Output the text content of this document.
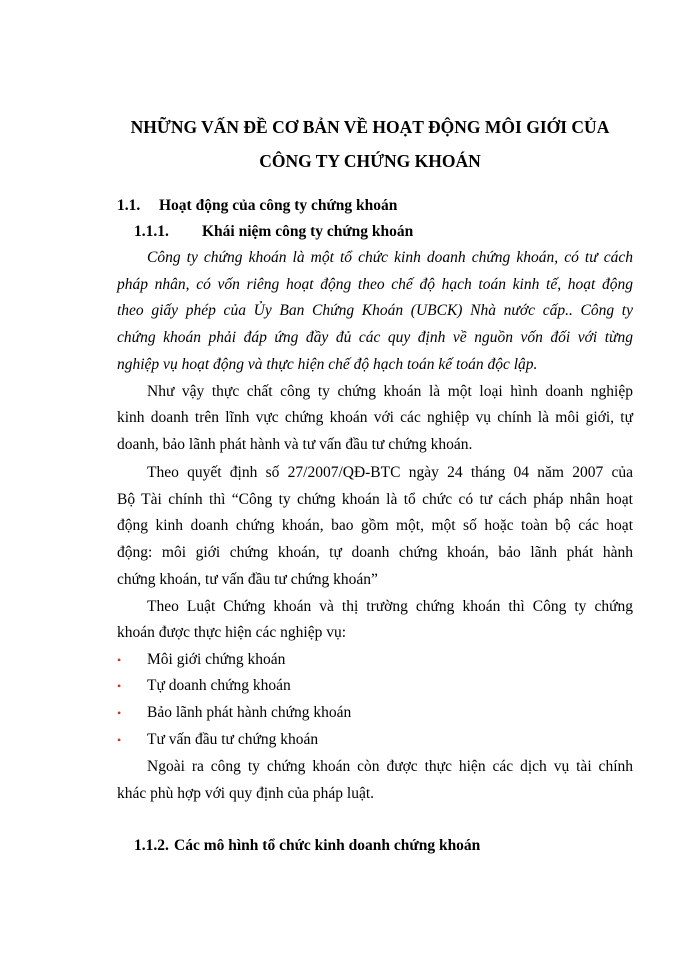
NHỮNG VẤN ĐỀ CƠ BẢN VỀ HOẠT ĐỘNG MÔI GIỚI CỦA
CÔNG TY CHỨNG KHOÁN
1.1. Hoạt động của công ty chứng khoán
1.1.1. Khái niệm công ty chứng khoán

Công ty chứng khoán là một tổ chức kinh doanh chứng khoán, có tư cách

pháp nhân, có vốn riêng hoạt động theo chế độ hạch toán kinh tế, hoạt động

theo giấy phép của Ủy Ban Chứng Khoán (UBCK) Nhà nước cấp.. Công ty

chứng khoán phải đáp ứng đầy đủ các quy định về nguồn vốn đối với từng

nghiệp vụ hoạt động và thực hiện chế độ hạch toán kế toán độc lập.

Như vậy thực chất công ty chứng khoán là một loại hình doanh nghiệp

kinh doanh trên lĩnh vực chứng khoán với các nghiệp vụ chính là môi giới, tự

doanh, bảo lãnh phát hành và tư vấn đầu tư chứng khoán.

Theo quyết định số 27/2007/QĐ-BTC ngày 24 tháng 04 năm 2007 của

Bộ Tài chính thì “Công ty chứng khoán là tổ chức có tư cách pháp nhân hoạt

động kinh doanh chứng khoán, bao gồm một, một số hoặc toàn bộ các hoạt

động: môi giới chứng khoán, tự doanh chứng khoán, bảo lãnh phát hành

chứng khoán, tư vấn đầu tư chứng khoán”

Theo Luật Chứng khoán và thị trường chứng khoán thì Công ty chứng

khoán được thực hiện các nghiệp vụ:

• Môi giới chứng khoán

• Tự doanh chứng khoán

• Bảo lãnh phát hành chứng khoán

• Tư vấn đầu tư chứng khoán

Ngoài ra công ty chứng khoán còn được thực hiện các dịch vụ tài chính

khác phù hợp với quy định của pháp luật.

1.1.2. Các mô hình tổ chức kinh doanh chứng khoán
